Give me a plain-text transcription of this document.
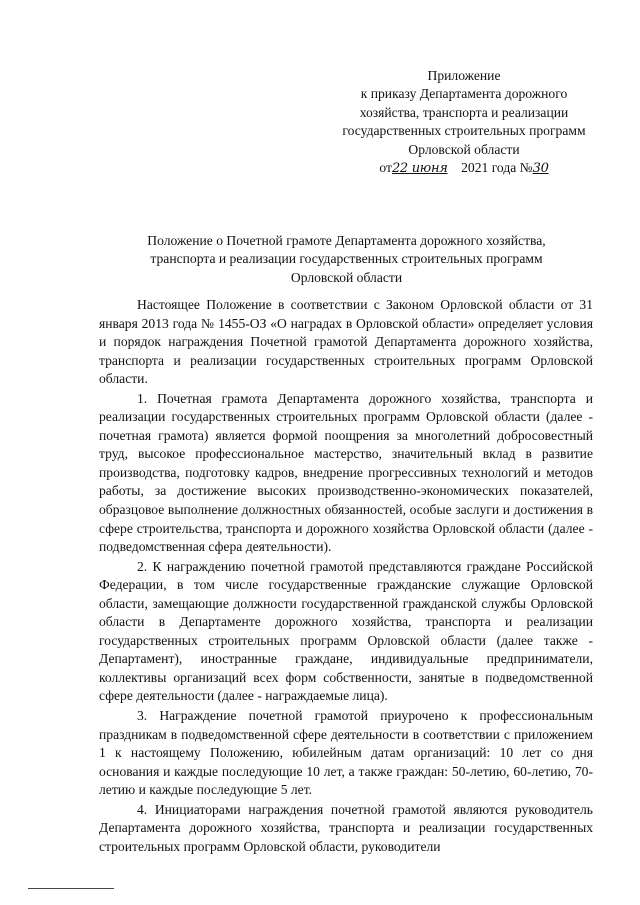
Приложение
к приказу Департамента дорожного
хозяйства, транспорта и реализации
государственных строительных программ
Орловской области
от22 июня 2021 года №30
Положение о Почетной грамоте Департамента дорожного хозяйства,
транспорта и реализации государственных строительных программ
Орловской области

Настоящее Положение в соответствии с Законом Орловской области от 31 января 2013 года № 1455-ОЗ «О наградах в Орловской области» определяет условия и порядок награждения Почетной грамотой Департамента дорожного хозяйства, транспорта и реализации государственных строительных программ Орловской области.

1. Почетная грамота Департамента дорожного хозяйства, транспорта и реализации государственных строительных программ Орловской области (далее - почетная грамота) является формой поощрения за многолетний добросовестный труд, высокое профессиональное мастерство, значительный вклад в развитие производства, подготовку кадров, внедрение прогрессивных технологий и методов работы, за достижение высоких производственно-экономических показателей, образцовое выполнение должностных обязанностей, особые заслуги и достижения в сфере строительства, транспорта и дорожного хозяйства Орловской области (далее - подведомственная сфера деятельности).

2. К награждению почетной грамотой представляются граждане Российской Федерации, в том числе государственные гражданские служащие Орловской области, замещающие должности государственной гражданской службы Орловской области в Департаменте дорожного хозяйства, транспорта и реализации государственных строительных программ Орловской области (далее также - Департамент), иностранные граждане, индивидуальные предприниматели, коллективы организаций всех форм собственности, занятые в подведомственной сфере деятельности (далее - награждаемые лица).

3. Награждение почетной грамотой приурочено к профессиональным праздникам в подведомственной сфере деятельности в соответствии с приложением 1 к настоящему Положению, юбилейным датам организаций: 10 лет со дня основания и каждые последующие 10 лет, а также граждан: 50-летию, 60-летию, 70-летию и каждые последующие 5 лет.

4. Инициаторами награждения почетной грамотой являются руководитель Департамента дорожного хозяйства, транспорта и реализации государственных строительных программ Орловской области, руководители
